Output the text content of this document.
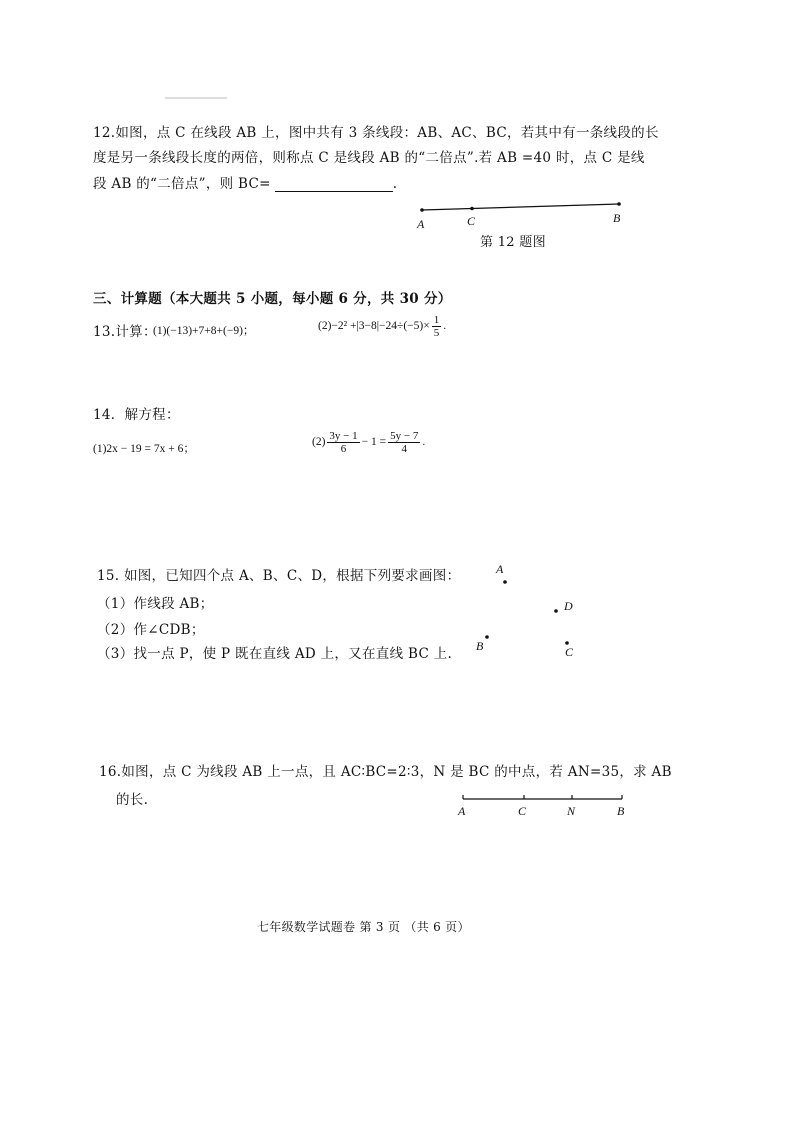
12.如图，点 C 在线段 AB 上，图中共有 3 条线段：AB、AC、BC，若其中有一条线段的长
度是另一条线段长度的两倍，则称点 C 是线段 AB 的“二倍点”.若 AB =40 时，点 C 是线
段 AB 的“二倍点”，则 BC=	.
A	C	B
第 12 题图
三、计算题（本大题共 5 小题，每小题 6 分，共 30 分）
13.计算：
(1)(−13)+7+8+(−9)；	$(2)-2^2 +|3-8|-24\div(-5)\times \frac{1}{5}$ .
14．解方程：
(1)2x − 19 = 7x + 6；
$(2) \frac{3y - 1}{6} - 1 = \frac{5y - 7}{4}$ .
15. 如图，已知四个点 A、B、C、D，根据下列要求画图：
（1）作线段 AB；
（2）作∠CDB；
（3）找一点 P，使 P 既在直线 AD 上，又在直线 BC 上.
A
D
B	C
16.如图，点 C 为线段 AB 上一点，且 AC∶BC=2∶3，N 是 BC 的中点，若 AN=35，求 AB
的长.
A	C	N	B
七年级数学试题卷 第 3 页 （共 6 页）
